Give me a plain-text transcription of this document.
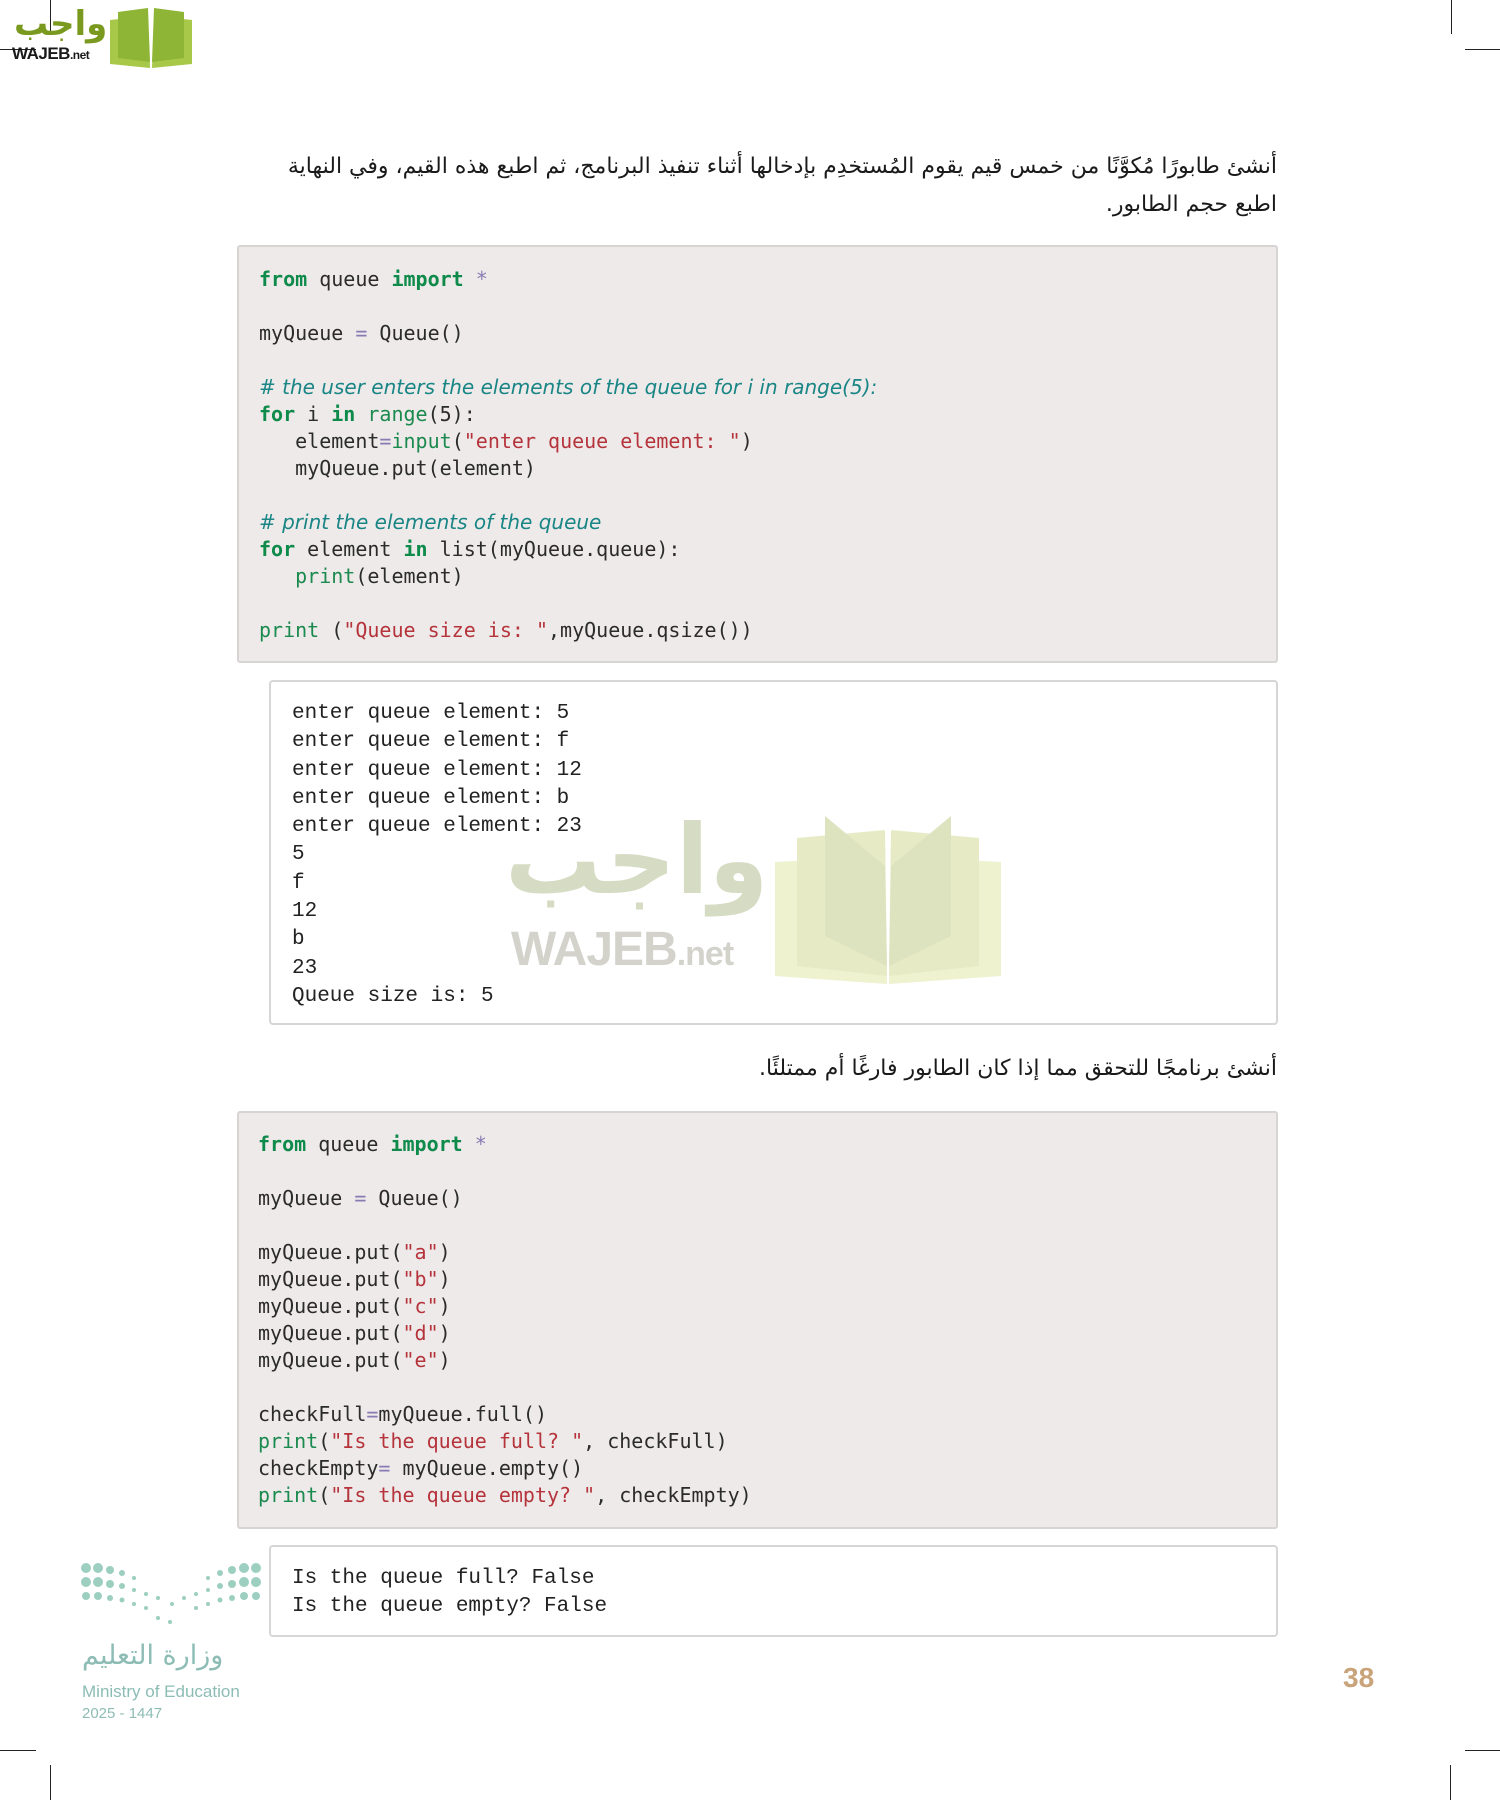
واجب
WAJEB.net
أنشئ طابورًا مُكوَّنًا من خمس قيم يقوم المُستخدِم بإدخالها أثناء تنفيذ البرنامج، ثم اطبع هذه القيم، وفي النهاية
اطبع حجم الطابور.
from queue import *

myQueue = Queue()

# the user enters the elements of the queue for i in range(5):
for i in range(5):
element=input("enter queue element: ")
myQueue.put(element)

# print the elements of the queue
for element in list(myQueue.queue):
print(element)

print ("Queue size is: ",myQueue.qsize())
واجب
WAJEB.net
enter queue element: 5
enter queue element: f
enter queue element: 12
enter queue element: b
enter queue element: 23
5
f
12
b
23
Queue size is: 5
أنشئ برنامجًا للتحقق مما إذا كان الطابور فارغًا أم ممتلئًا.
from queue import *

myQueue = Queue()

myQueue.put("a")
myQueue.put("b")
myQueue.put("c")
myQueue.put("d")
myQueue.put("e")

checkFull=myQueue.full()
print("Is the queue full? ", checkFull)
checkEmpty= myQueue.empty()
print("Is the queue empty? ", checkEmpty)
Is the queue full? False
Is the queue empty? False
وزارة التعليم
Ministry of Education
2025 - 1447
38
